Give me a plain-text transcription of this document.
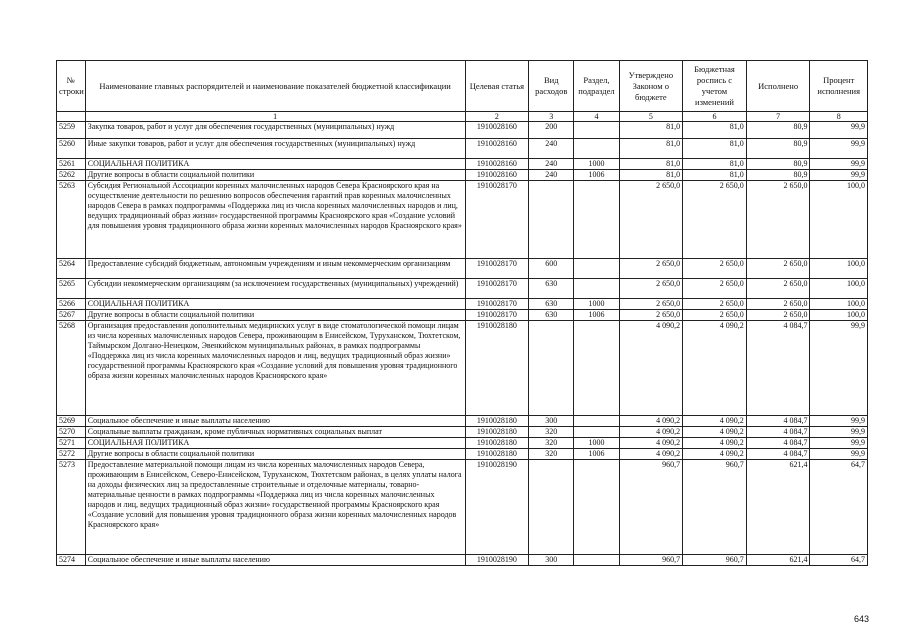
№ строки	Наименование главных распорядителей и наименование показателей бюджетной классификации	Целевая статья	Вид расходов	Раздел, подраздел	Утверждено Законом о бюджете	Бюджетная роспись с учетом изменений	Исполнено	Процент исполнения
	1	2	3	4	5	6	7	8
5259	Закупка товаров, работ и услуг для обеспечения государственных (муниципальных) нужд	1910028160	200		81,0	81,0	80,9	99,9
5260	Иные закупки товаров, работ и услуг для обеспечения государственных (муниципальных) нужд	1910028160	240		81,0	81,0	80,9	99,9
5261	СОЦИАЛЬНАЯ ПОЛИТИКА	1910028160	240	1000	81,0	81,0	80,9	99,9
5262	Другие вопросы в области социальной политики	1910028160	240	1006	81,0	81,0	80,9	99,9
5263	Субсидия Региональной Ассоциации коренных малочисленных народов Севера Красноярского края на осуществление деятельности по решению вопросов обеспечения гарантий прав коренных малочисленных народов Севера в рамках подпрограммы «Поддержка лиц из числа коренных малочисленных народов и лиц, ведущих традиционный образ жизни» государственной программы Красноярского края «Создание условий для повышения уровня традиционного образа жизни коренных малочисленных народов Красноярского края»	1910028170			2 650,0	2 650,0	2 650,0	100,0
5264	Предоставление субсидий бюджетным, автономным учреждениям и иным некоммерческим организациям	1910028170	600		2 650,0	2 650,0	2 650,0	100,0
5265	Субсидии некоммерческим организациям (за исключением государственных (муниципальных) учреждений)	1910028170	630		2 650,0	2 650,0	2 650,0	100,0
5266	СОЦИАЛЬНАЯ ПОЛИТИКА	1910028170	630	1000	2 650,0	2 650,0	2 650,0	100,0
5267	Другие вопросы в области социальной политики	1910028170	630	1006	2 650,0	2 650,0	2 650,0	100,0
5268	Организация предоставления дополнительных медицинских услуг в виде стоматологической помощи лицам из числа коренных малочисленных народов Севера, проживающим в Енисейском, Туруханском, Тюхтетском, Таймырском Долгано-Ненецком, Эвенкийском муниципальных районах, в рамках подпрограммы «Поддержка лиц из числа коренных малочисленных народов и лиц, ведущих традиционный образ жизни» государственной программы Красноярского края «Создание условий для повышения уровня традиционного образа жизни коренных малочисленных народов Красноярского края»	1910028180			4 090,2	4 090,2	4 084,7	99,9
5269	Социальное обеспечение и иные выплаты населению	1910028180	300		4 090,2	4 090,2	4 084,7	99,9
5270	Социальные выплаты гражданам, кроме публичных нормативных социальных выплат	1910028180	320		4 090,2	4 090,2	4 084,7	99,9
5271	СОЦИАЛЬНАЯ ПОЛИТИКА	1910028180	320	1000	4 090,2	4 090,2	4 084,7	99,9
5272	Другие вопросы в области социальной политики	1910028180	320	1006	4 090,2	4 090,2	4 084,7	99,9
5273	Предоставление материальной помощи лицам из числа коренных малочисленных народов Севера, проживающим в Енисейском, Северо-Енисейском, Туруханском, Тюхтетском районах, в целях уплаты налога на доходы физических лиц за предоставленные строительные и отделочные материалы, товарно-материальные ценности в рамках подпрограммы «Поддержка лиц из числа коренных малочисленных народов и лиц, ведущих традиционный образ жизни» государственной программы Красноярского края «Создание условий для повышения уровня традиционного образа жизни коренных малочисленных народов Красноярского края»	1910028190			960,7	960,7	621,4	64,7
5274	Социальное обеспечение и иные выплаты населению	1910028190	300		960,7	960,7	621,4	64,7
643
